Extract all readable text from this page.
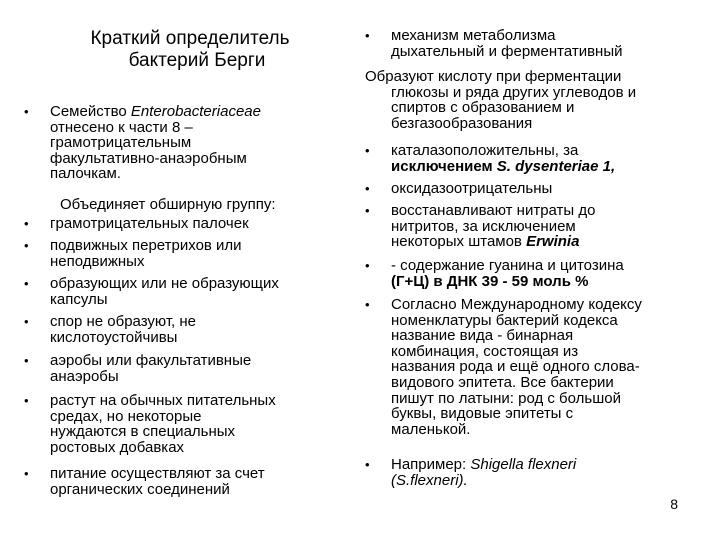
Краткий определитель
бактерий Берги
• Семейство Enterobacteriaceae
отнесено к части 8 –
грамотрицательным
факультативно-анаэробным
палочкам.
Объединяет обширную группу:
• грамотрицательных палочек
• подвижных перетрихов или
неподвижных
• образующих или не образующих
капсулы
• спор не образуют, не
кислотоустойчивы
• аэробы или факультативные
анаэробы
• растут на обычных питательных
средах, но некоторые
нуждаются в специальных
ростовых добавках
• питание осуществляют за счет
органических соединений
• механизм метаболизма
дыхательный и ферментативный
Образуют кислоту при ферментации
глюкозы и ряда других углеводов и
спиртов с образованием и
безгазообрaзования
• каталазоположительны, за
исключением S. dysenteriae 1,
• оксидазоотрицательны
• восстанавливают нитраты до
нитритов, за исключением
некоторых штамов Erwinia
• - содержание гуанина и цитозина
(Г+Ц) в ДНК 39 - 59 моль %
• Согласно Международному кодексу
номенклатуры бактерий кодекса
название вида - бинарная
комбинация, состоящая из
названия рода и ещё одного слова-
видового эпитета. Все бактерии
пишут по латыни: род с большой
буквы, видовые эпитеты с
маленькой.
• Например: Shigella flexneri
(S.flexneri).
8
